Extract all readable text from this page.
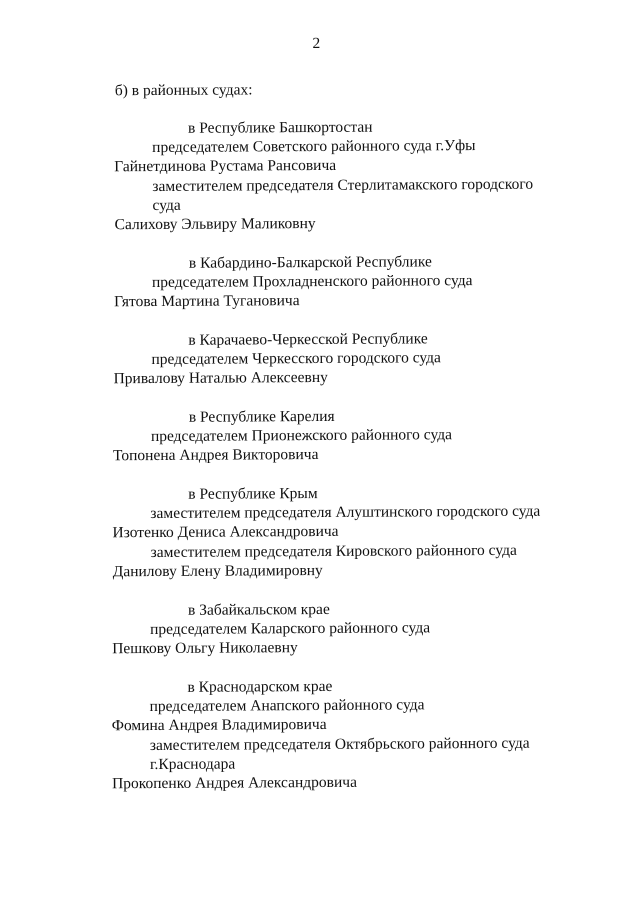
2
б) в районных судах:
в Республике Башкортостан
председателем Советского районного суда г.Уфы
Гайнетдинова Рустама Рансовича
заместителем председателя Стерлитамакского городского
суда
Салихову Эльвиру Маликовну
в Кабардино-Балкарской Республике
председателем Прохладненского районного суда
Гятова Мартина Тугановича
в Карачаево-Черкесской Республике
председателем Черкесского городского суда
Привалову Наталью Алексеевну
в Республике Карелия
председателем Прионежского районного суда
Топонена Андрея Викторовича
в Республике Крым
заместителем председателя Алуштинского городского суда
Изотенко Дениса Александровича
заместителем председателя Кировского районного суда
Данилову Елену Владимировну
в Забайкальском крае
председателем Каларского районного суда
Пешкову Ольгу Николаевну
в Краснодарском крае
председателем Анапского районного суда
Фомина Андрея Владимировича
заместителем председателя Октябрьского районного суда
г.Краснодара
Прокопенко Андрея Александровича
